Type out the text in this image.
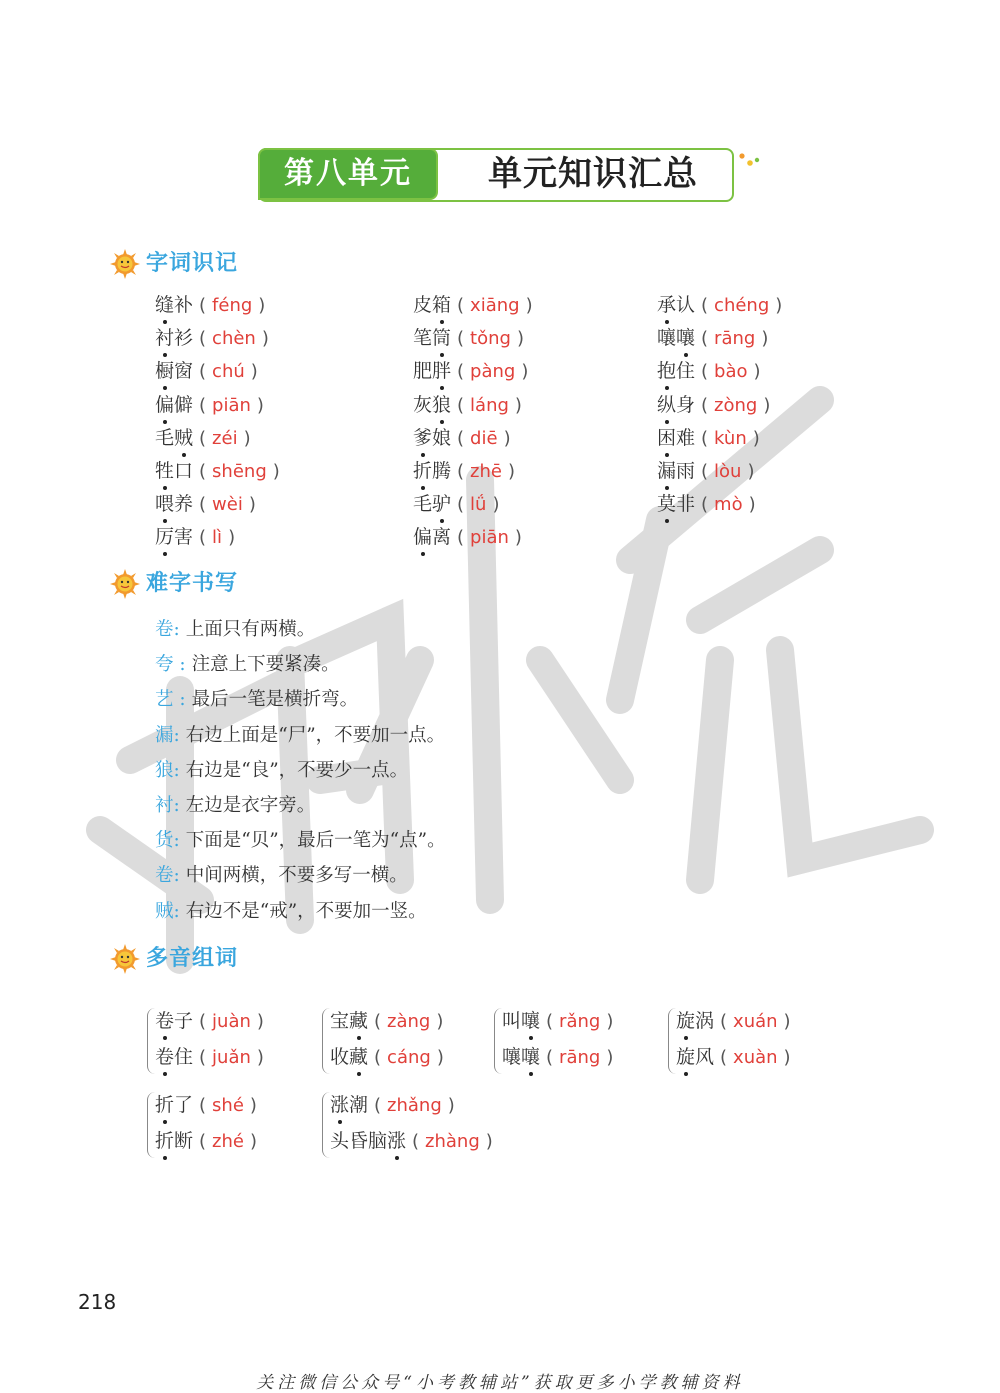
第八单元	单元知识汇总
字词识记
缝补 ( féng )
衬衫 ( chèn )
橱窗 ( chú )
偏僻 ( piān )
毛贼 ( zéi )
牲口 ( shēng )
喂养 ( wèi )
厉害 ( lì )
皮箱 ( xiāng )
笔筒 ( tǒng )
肥胖 ( pàng )
灰狼 ( láng )
爹娘 ( diē )
折腾 ( zhē )
毛驴 ( lǘ )
偏离 ( piān )
承认 ( chéng )
嚷嚷 ( rāng )
抱住 ( bào )
纵身 ( zòng )
困难 ( kùn )
漏雨 ( lòu )
莫非 ( mò )
难字书写
卷: 上面只有两横。
夸 : 注意上下要紧凑。
艺 : 最后一笔是横折弯。
漏: 右边上面是“尸”，不要加一点。
狼: 右边是“良”，不要少一点。
衬: 左边是衣字旁。
货: 下面是“贝”，最后一笔为“点”。
卷: 中间两横，不要多写一横。
贼: 右边不是“戒”，不要加一竖。
多音组词
卷子 ( juàn )
卷住 ( juǎn )
宝藏 ( zàng )
收藏 ( cáng )
叫嚷 ( rǎng )
嚷嚷 ( rāng )
旋涡 ( xuán )
旋风 ( xuàn )
折了 ( shé )
折断 ( zhé )
涨潮 ( zhǎng )
头昏脑涨 ( zhàng )
218
关注微信公众号“小考教辅站”获取更多小学教辅资料
